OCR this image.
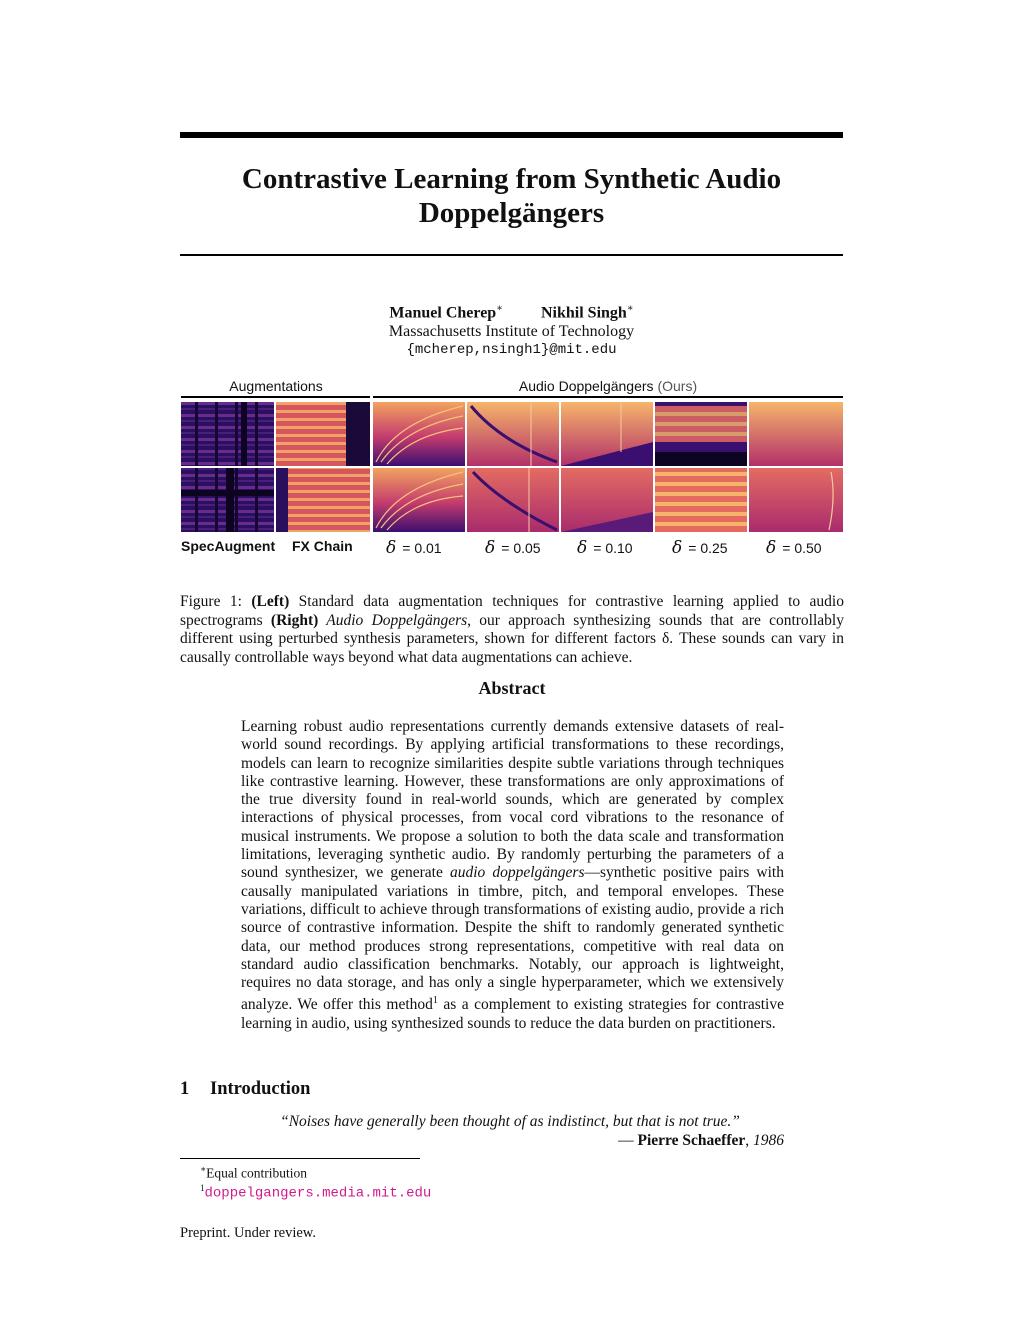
Contrastive Learning from Synthetic Audio Doppelgängers
Manuel Cherep∗ Nikhil Singh∗
Massachusetts Institute of Technology
{mcherep,nsingh1}@mit.edu
Augmentations	Audio Doppelgängers (Ours)
SpecAugment FX Chain δ = 0.01	δ = 0.05 δ = 0.10 δ = 0.25 δ = 0.50
Figure 1: (Left) Standard data augmentation techniques for contrastive learning applied to audio spectrograms (Right) Audio Doppelgängers, our approach synthesizing sounds that are controllably different using perturbed synthesis parameters, shown for different factors δ. These sounds can vary in causally controllable ways beyond what data augmentations can achieve.
Abstract
Learning robust audio representations currently demands extensive datasets of real-world sound recordings. By applying artificial transformations to these recordings, models can learn to recognize similarities despite subtle variations through techniques like contrastive learning. However, these transformations are only approximations of the true diversity found in real-world sounds, which are generated by complex interactions of physical processes, from vocal cord vibrations to the resonance of musical instruments. We propose a solution to both the data scale and transformation limitations, leveraging synthetic audio. By randomly perturbing the parameters of a sound synthesizer, we generate audio doppelgängers—synthetic positive pairs with causally manipulated variations in timbre, pitch, and temporal envelopes. These variations, difficult to achieve through transformations of existing audio, provide a rich source of contrastive information. Despite the shift to randomly generated synthetic data, our method produces strong representations, competitive with real data on standard audio classification benchmarks. Notably, our approach is lightweight, requires no data storage, and has only a single hyperparameter, which we extensively analyze. We offer this method$^1$ as a complement to existing strategies for contrastive learning in audio, using synthesized sounds to reduce the data burden on practitioners.
1 Introduction
“Noises have generally been thought of as indistinct, but that is not true.”
— Pierre Schaeffer, 1986
∗Equal contribution
$^1$doppelgangers.media.mit.edu
Preprint. Under review.
